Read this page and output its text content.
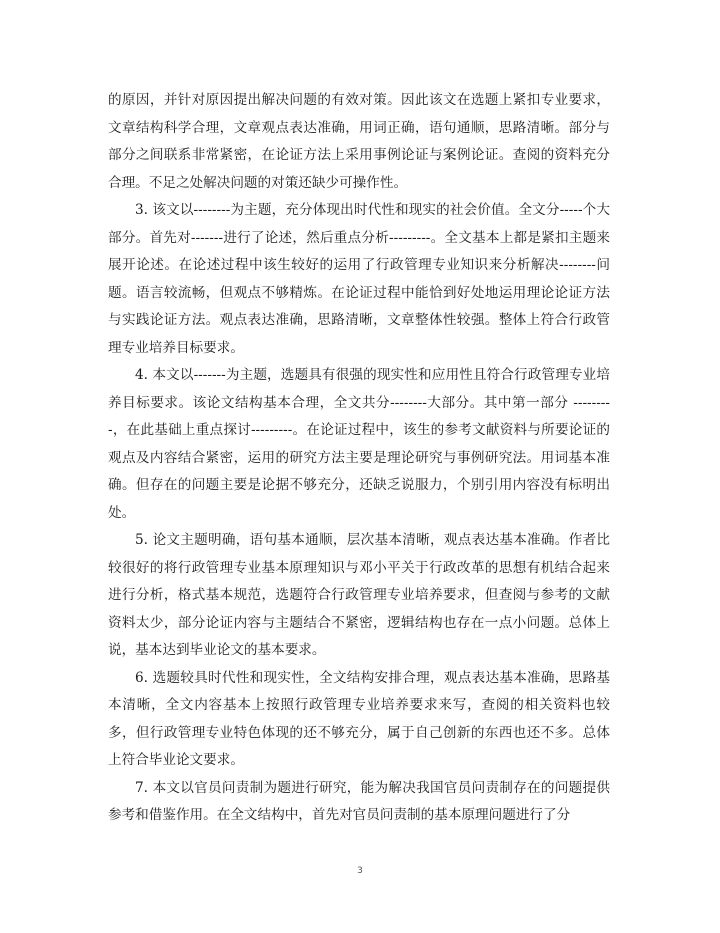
的原因，并针对原因提出解决问题的有效对策。因此该文在选题上紧扣专业要求，文章结构科学合理，文章观点表达准确，用词正确，语句通顺，思路清晰。部分与部分之间联系非常紧密，在论证方法上采用事例论证与案例论证。查阅的资料充分合理。不足之处解决问题的对策还缺少可操作性。

3. 该文以--------为主题，充分体现出时代性和现实的社会价值。全文分-----个大部分。首先对-------进行了论述，然后重点分析---------。全文基本上都是紧扣主题来展开论述。在论述过程中该生较好的运用了行政管理专业知识来分析解决--------问题。语言较流畅，但观点不够精炼。在论证过程中能恰到好处地运用理论论证方法与实践论证方法。观点表达准确，思路清晰，文章整体性较强。整体上符合行政管理专业培养目标要求。

4. 本文以-------为主题，选题具有很强的现实性和应用性且符合行政管理专业培养目标要求。该论文结构基本合理，全文共分--------大部分。其中第一部分 ---------，在此基础上重点探讨---------。在论证过程中，该生的参考文献资料与所要论证的观点及内容结合紧密，运用的研究方法主要是理论研究与事例研究法。用词基本准确。但存在的问题主要是论据不够充分，还缺乏说服力，个别引用内容没有标明出处。

5. 论文主题明确，语句基本通顺，层次基本清晰，观点表达基本准确。作者比较很好的将行政管理专业基本原理知识与邓小平关于行政改革的思想有机结合起来进行分析，格式基本规范，选题符合行政管理专业培养要求，但查阅与参考的文献资料太少，部分论证内容与主题结合不紧密，逻辑结构也存在一点小问题。总体上说，基本达到毕业论文的基本要求。

6. 选题较具时代性和现实性，全文结构安排合理，观点表达基本准确，思路基本清晰，全文内容基本上按照行政管理专业培养要求来写，查阅的相关资料也较多，但行政管理专业特色体现的还不够充分，属于自己创新的东西也还不多。总体上符合毕业论文要求。

7. 本文以官员问责制为题进行研究，能为解决我国官员问责制存在的问题提供参考和借鉴作用。在全文结构中，首先对官员问责制的基本原理问题进行了分

3
